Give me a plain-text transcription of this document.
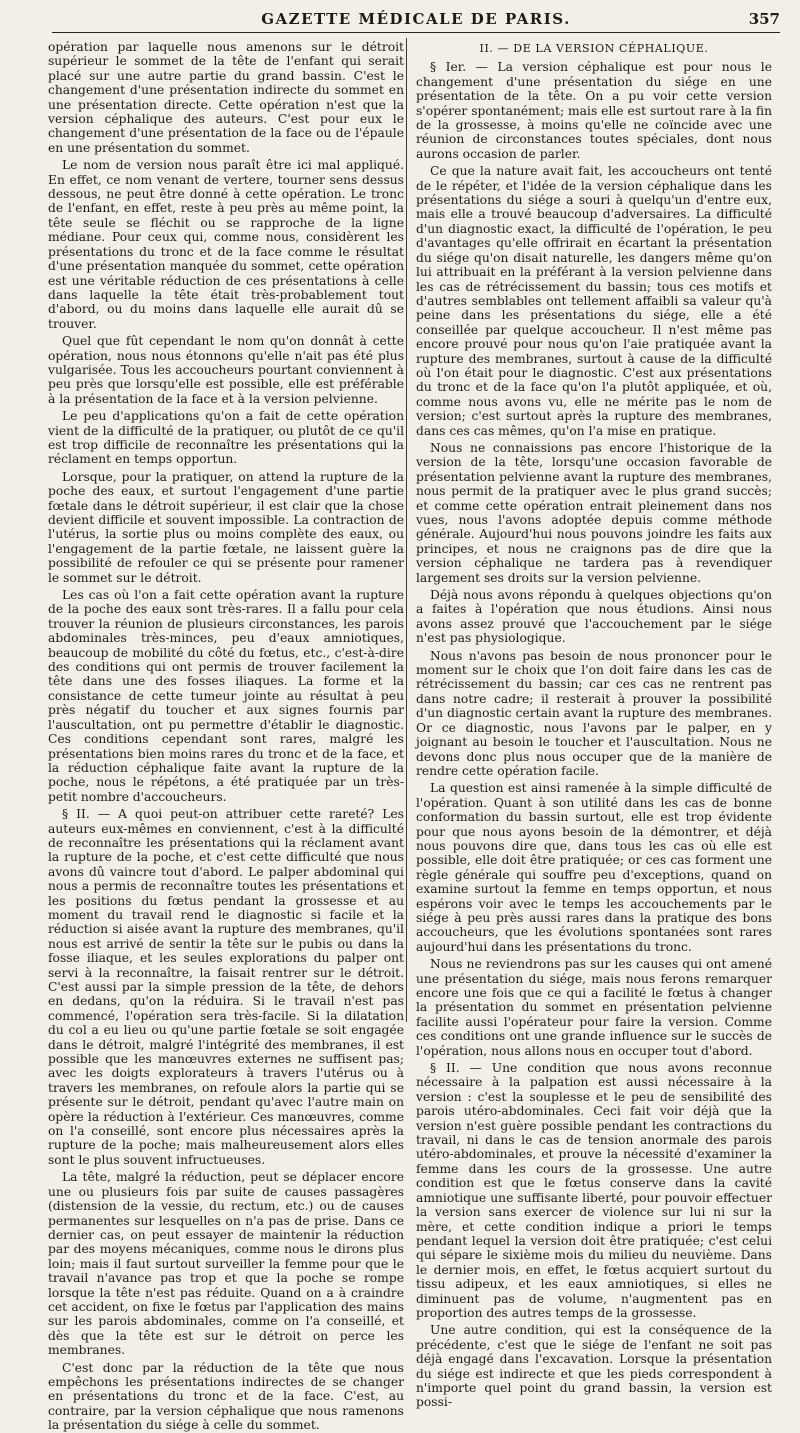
GAZETTE MÉDICALE DE PARIS.	357

opération par laquelle nous amenons sur le détroit supérieur le sommet de la tête de l'enfant qui serait placé sur une autre partie du grand bassin. C'est le changement d'une présentation indirecte du sommet en une présentation directe. Cette opération n'est que la version céphalique des auteurs. C'est pour eux le changement d'une présentation de la face ou de l'épaule en une présentation du sommet.

Le nom de version nous paraît être ici mal appliqué. En effet, ce nom venant de vertere, tourner sens dessus dessous, ne peut être donné à cette opération. Le tronc de l'enfant, en effet, reste à peu près au même point, la tête seule se fléchit ou se rapproche de la ligne médiane. Pour ceux qui, comme nous, considèrent les présentations du tronc et de la face comme le résultat d'une présentation manquée du sommet, cette opération est une véritable réduction de ces présentations à celle dans laquelle la tête était très-probablement tout d'abord, ou du moins dans laquelle elle aurait dû se trouver.

Quel que fût cependant le nom qu'on donnât à cette opération, nous nous étonnons qu'elle n'ait pas été plus vulgarisée. Tous les accoucheurs pourtant conviennent à peu près que lorsqu'elle est possible, elle est préférable à la présentation de la face et à la version pelvienne.

Le peu d'applications qu'on a fait de cette opération vient de la difficulté de la pratiquer, ou plutôt de ce qu'il est trop difficile de reconnaître les présentations qui la réclament en temps opportun.

Lorsque, pour la pratiquer, on attend la rupture de la poche des eaux, et surtout l'engagement d'une partie fœtale dans le détroit supérieur, il est clair que la chose devient difficile et souvent impossible. La contraction de l'utérus, la sortie plus ou moins complète des eaux, ou l'engagement de la partie fœtale, ne laissent guère la possibilité de refouler ce qui se présente pour ramener le sommet sur le détroit.

Les cas où l'on a fait cette opération avant la rupture de la poche des eaux sont très-rares. Il a fallu pour cela trouver la réunion de plusieurs circonstances, les parois abdominales très-minces, peu d'eaux amniotiques, beaucoup de mobilité du côté du fœtus, etc., c'est-à-dire des conditions qui ont permis de trouver facilement la tête dans une des fosses iliaques. La forme et la consistance de cette tumeur jointe au résultat à peu près négatif du toucher et aux signes fournis par l'auscultation, ont pu permettre d'établir le diagnostic. Ces conditions cependant sont rares, malgré les présentations bien moins rares du tronc et de la face, et la réduction céphalique faite avant la rupture de la poche, nous le répétons, a été pratiquée par un très-petit nombre d'accoucheurs.

§ II. — A quoi peut-on attribuer cette rareté? Les auteurs eux-mêmes en conviennent, c'est à la difficulté de reconnaître les présentations qui la réclament avant la rupture de la poche, et c'est cette difficulté que nous avons dû vaincre tout d'abord. Le palper abdominal qui nous a permis de reconnaître toutes les présentations et les positions du fœtus pendant la grossesse et au moment du travail rend le diagnostic si facile et la réduction si aisée avant la rupture des membranes, qu'il nous est arrivé de sentir la tête sur le pubis ou dans la fosse iliaque, et les seules explorations du palper ont servi à la reconnaître, la faisait rentrer sur le détroit. C'est aussi par la simple pression de la tête, de dehors en dedans, qu'on la réduira. Si le travail n'est pas commencé, l'opération sera très-facile. Si la dilatation du col a eu lieu ou qu'une partie fœtale se soit engagée dans le détroit, malgré l'intégrité des membranes, il est possible que les manœuvres externes ne suffisent pas; avec les doigts explorateurs à travers l'utérus ou à travers les membranes, on refoule alors la partie qui se présente sur le détroit, pendant qu'avec l'autre main on opère la réduction à l'extérieur. Ces manœuvres, comme on l'a conseillé, sont encore plus nécessaires après la rupture de la poche; mais malheureusement alors elles sont le plus souvent infructueuses.

La tête, malgré la réduction, peut se déplacer encore une ou plusieurs fois par suite de causes passagères (distension de la vessie, du rectum, etc.) ou de causes permanentes sur lesquelles on n'a pas de prise. Dans ce dernier cas, on peut essayer de maintenir la réduction par des moyens mécaniques, comme nous le dirons plus loin; mais il faut surtout surveiller la femme pour que le travail n'avance pas trop et que la poche se rompe lorsque la tête n'est pas réduite. Quand on a à craindre cet accident, on fixe le fœtus par l'application des mains sur les parois abdominales, comme on l'a conseillé, et dès que la tête est sur le détroit on perce les membranes.

C'est donc par la réduction de la tête que nous empêchons les présentations indirectes de se changer en présentations du tronc et de la face. C'est, au contraire, par la version céphalique que nous ramenons la présentation du siége à celle du sommet.

II. — DE LA VERSION CÉPHALIQUE.

§ Ier. — La version céphalique est pour nous le changement d'une présentation du siége en une présentation de la tête. On a pu voir cette version s'opérer spontanément; mais elle est surtout rare à la fin de la grossesse, à moins qu'elle ne coïncide avec une réunion de circonstances toutes spéciales, dont nous aurons occasion de parler.

Ce que la nature avait fait, les accoucheurs ont tenté de le répéter, et l'idée de la version céphalique dans les présentations du siége a souri à quelqu'un d'entre eux, mais elle a trouvé beaucoup d'adversaires. La difficulté d'un diagnostic exact, la difficulté de l'opération, le peu d'avantages qu'elle offrirait en écartant la présentation du siége qu'on disait naturelle, les dangers même qu'on lui attribuait en la préférant à la version pelvienne dans les cas de rétrécissement du bassin; tous ces motifs et d'autres semblables ont tellement affaibli sa valeur qu'à peine dans les présentations du siége, elle a été conseillée par quelque accoucheur. Il n'est même pas encore prouvé pour nous qu'on l'aie pratiquée avant la rupture des membranes, surtout à cause de la difficulté où l'on était pour le diagnostic. C'est aux présentations du tronc et de la face qu'on l'a plutôt appliquée, et où, comme nous avons vu, elle ne mérite pas le nom de version; c'est surtout après la rupture des membranes, dans ces cas mêmes, qu'on l'a mise en pratique.

Nous ne connaissions pas encore l'historique de la version de la tête, lorsqu'une occasion favorable de présentation pelvienne avant la rupture des membranes, nous permit de la pratiquer avec le plus grand succès; et comme cette opération entrait pleinement dans nos vues, nous l'avons adoptée depuis comme méthode générale. Aujourd'hui nous pouvons joindre les faits aux principes, et nous ne craignons pas de dire que la version céphalique ne tardera pas à revendiquer largement ses droits sur la version pelvienne.

Déjà nous avons répondu à quelques objections qu'on a faites à l'opération que nous étudions. Ainsi nous avons assez prouvé que l'accouchement par le siége n'est pas physiologique.

Nous n'avons pas besoin de nous prononcer pour le moment sur le choix que l'on doit faire dans les cas de rétrécissement du bassin; car ces cas ne rentrent pas dans notre cadre; il resterait à prouver la possibilité d'un diagnostic certain avant la rupture des membranes. Or ce diagnostic, nous l'avons par le palper, en y joignant au besoin le toucher et l'auscultation. Nous ne devons donc plus nous occuper que de la manière de rendre cette opération facile.

La question est ainsi ramenée à la simple difficulté de l'opération. Quant à son utilité dans les cas de bonne conformation du bassin surtout, elle est trop évidente pour que nous ayons besoin de la démontrer, et déjà nous pouvons dire que, dans tous les cas où elle est possible, elle doit être pratiquée; or ces cas forment une règle générale qui souffre peu d'exceptions, quand on examine surtout la femme en temps opportun, et nous espérons voir avec le temps les accouchements par le siége à peu près aussi rares dans la pratique des bons accoucheurs, que les évolutions spontanées sont rares aujourd'hui dans les présentations du tronc.

Nous ne reviendrons pas sur les causes qui ont amené une présentation du siége, mais nous ferons remarquer encore une fois que ce qui a facilité le fœtus à changer la présentation du sommet en présentation pelvienne facilite aussi l'opérateur pour faire la version. Comme ces conditions ont une grande influence sur le succès de l'opération, nous allons nous en occuper tout d'abord.

§ II. — Une condition que nous avons reconnue nécessaire à la palpation est aussi nécessaire à la version : c'est la souplesse et le peu de sensibilité des parois utéro-abdominales. Ceci fait voir déjà que la version n'est guère possible pendant les contractions du travail, ni dans le cas de tension anormale des parois utéro-abdominales, et prouve la nécessité d'examiner la femme dans les cours de la grossesse. Une autre condition est que le fœtus conserve dans la cavité amniotique une suffisante liberté, pour pouvoir effectuer la version sans exercer de violence sur lui ni sur la mère, et cette condition indique a priori le temps pendant lequel la version doit être pratiquée; c'est celui qui sépare le sixième mois du milieu du neuvième. Dans le dernier mois, en effet, le fœtus acquiert surtout du tissu adipeux, et les eaux amniotiques, si elles ne diminuent pas de volume, n'augmentent pas en proportion des autres temps de la grossesse.

Une autre condition, qui est la conséquence de la précédente, c'est que le siége de l'enfant ne soit pas déjà engagé dans l'excavation. Lorsque la présentation du siége est indirecte et que les pieds correspondent à n'importe quel point du grand bassin, la version est possi-
